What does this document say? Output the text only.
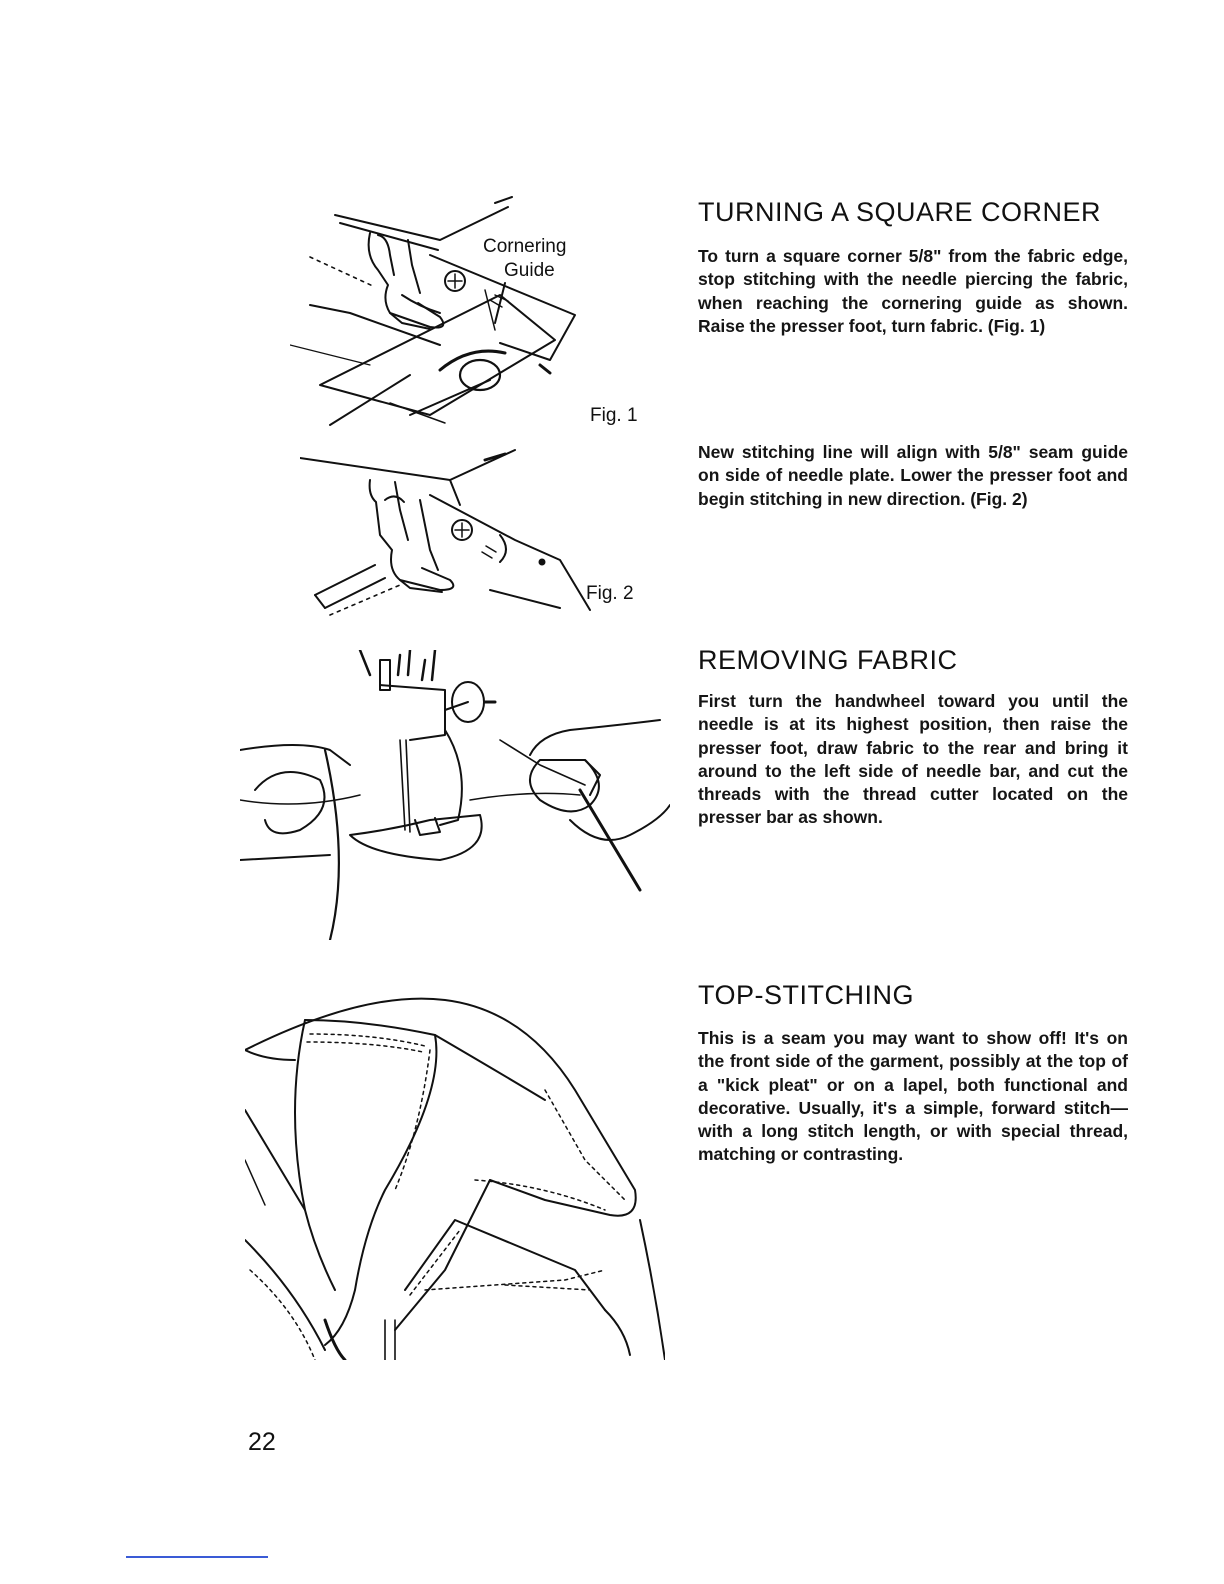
Cornering
Guide
Fig. 1
Fig. 2
TURNING A SQUARE CORNER

To turn a square corner 5/8" from the fabric edge, stop stitching with the needle piercing the fabric, when reaching the cornering guide as shown. Raise the presser foot, turn fabric. (Fig. 1)

New stitching line will align with 5/8" seam guide on side of needle plate. Lower the presser foot and begin stitching in new direction. (Fig. 2)

REMOVING FABRIC

First turn the handwheel toward you until the needle is at its highest position, then raise the presser foot, draw fabric to the rear and bring it around to the left side of needle bar, and cut the threads with the thread cutter located on the presser bar as shown.

TOP-STITCHING

This is a seam you may want to show off! It's on the front side of the garment, possibly at the top of a "kick pleat" or on a lapel, both functional and decorative. Usually, it's a simple, forward stitch—with a long stitch length, or with special thread, matching or contrasting.

22
